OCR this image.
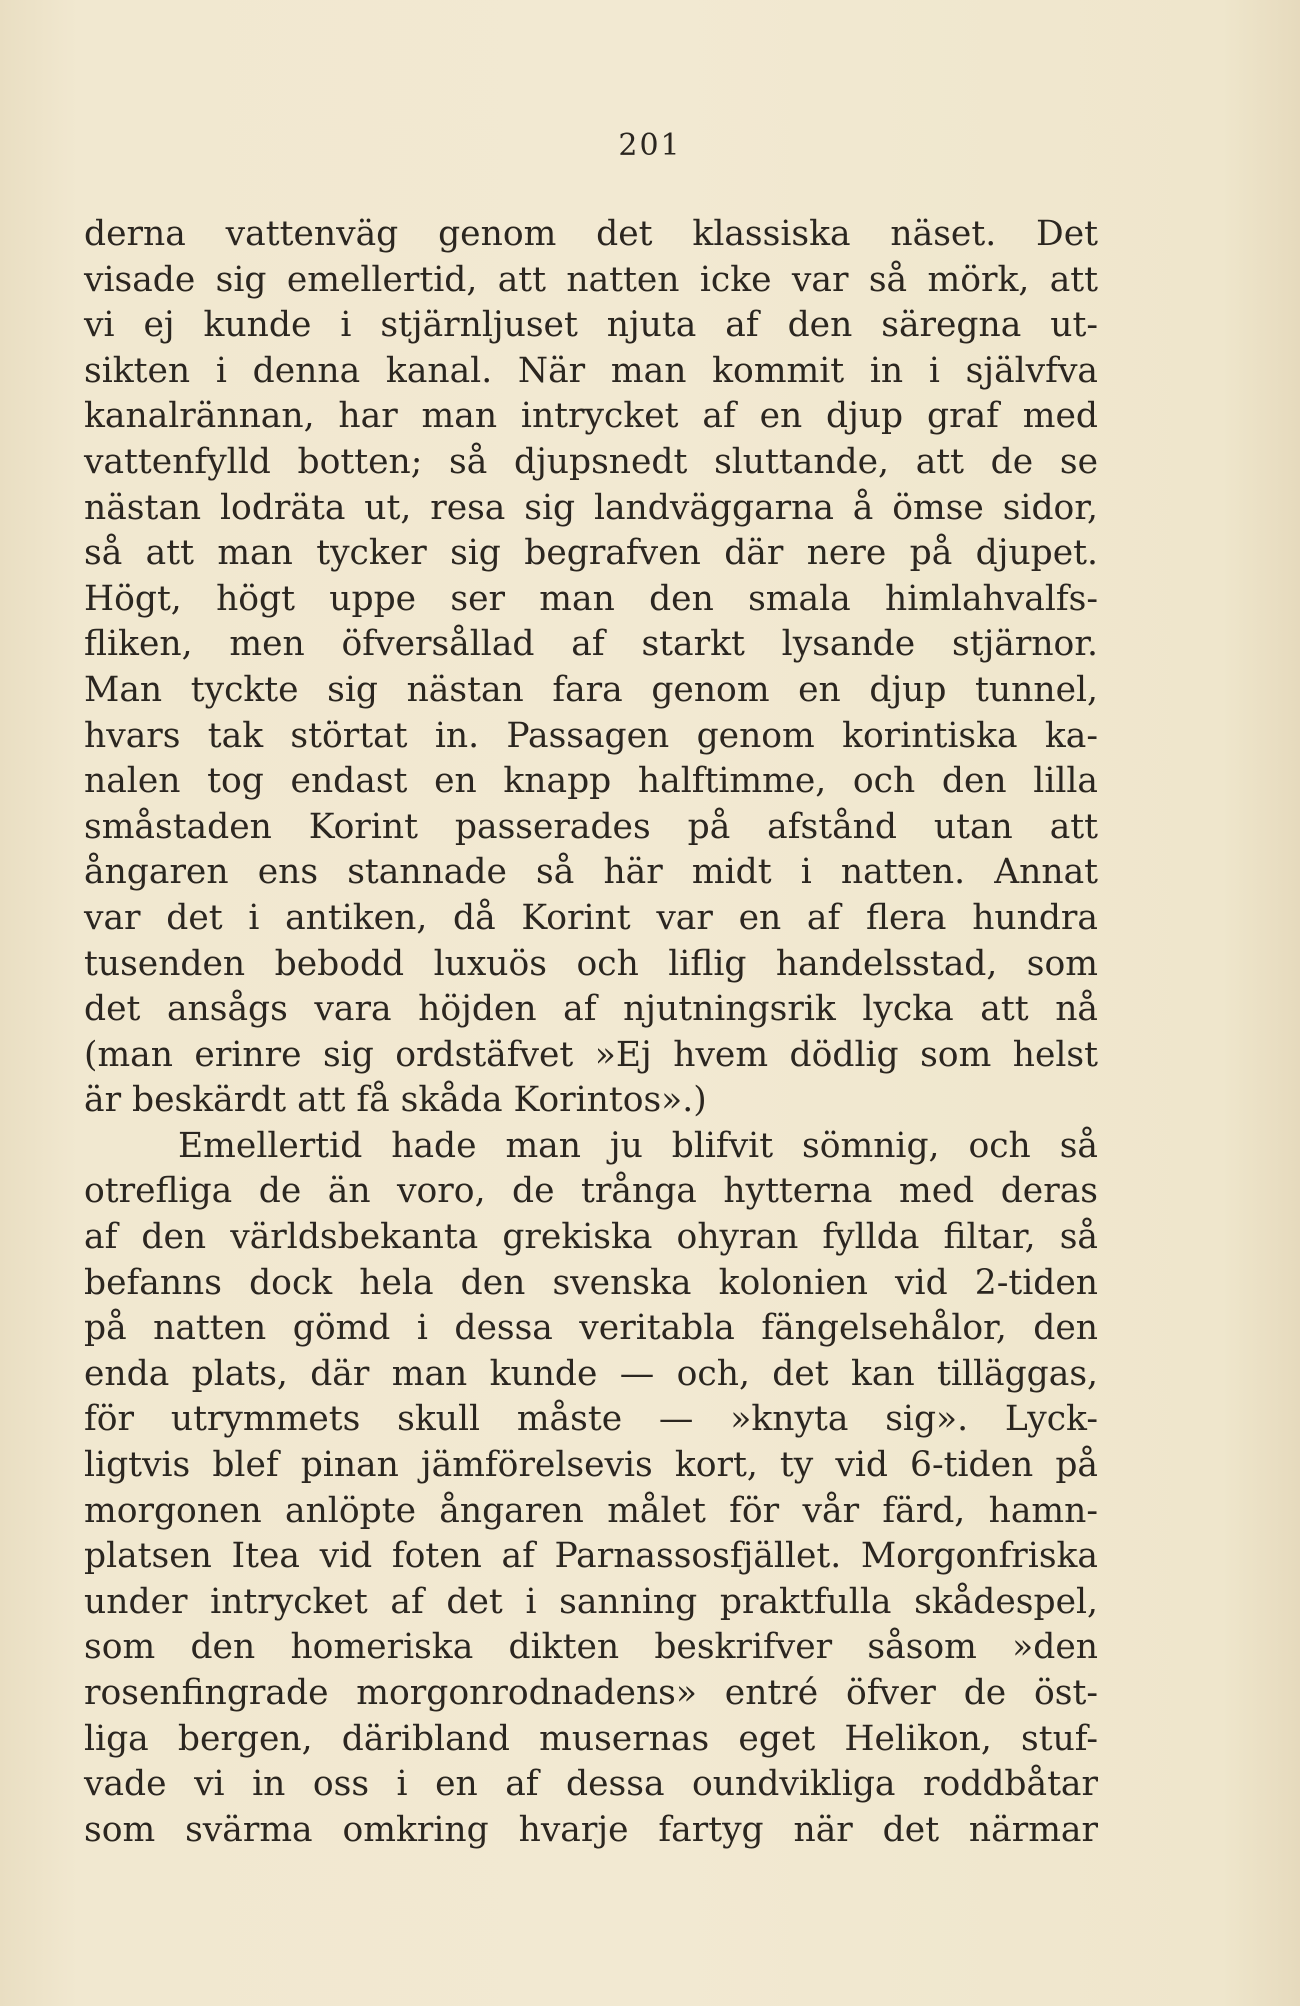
201
derna vattenväg genom det klassiska näset. Det
visade sig emellertid, att natten icke var så mörk, att
vi ej kunde i stjärnljuset njuta af den säregna ut-
sikten i denna kanal. När man kommit in i självfva
kanalrännan, har man intrycket af en djup graf med
vattenfylld botten; så djupsnedt sluttande, att de se
nästan lodräta ut, resa sig landväggarna å ömse sidor,
så att man tycker sig begrafven där nere på djupet.
Högt, högt uppe ser man den smala himlahvalfs-
fliken, men öfversållad af starkt lysande stjärnor.
Man tyckte sig nästan fara genom en djup tunnel,
hvars tak störtat in. Passagen genom korintiska ka-
nalen tog endast en knapp halftimme, och den lilla
småstaden Korint passerades på afstånd utan att
ångaren ens stannade så här midt i natten. Annat
var det i antiken, då Korint var en af flera hundra
tusenden bebodd luxuös och liflig handelsstad, som
det ansågs vara höjden af njutningsrik lycka att nå
(man erinre sig ordstäfvet »Ej hvem dödlig som helst
är beskärdt att få skåda Korintos».)
Emellertid hade man ju blifvit sömnig, och så
otrefliga de än voro, de trånga hytterna med deras
af den världsbekanta grekiska ohyran fyllda filtar, så
befanns dock hela den svenska kolonien vid 2-tiden
på natten gömd i dessa veritabla fängelsehålor, den
enda plats, där man kunde — och, det kan tilläggas,
för utrymmets skull måste — »knyta sig». Lyck-
ligtvis blef pinan jämförelsevis kort, ty vid 6-tiden på
morgonen anlöpte ångaren målet för vår färd, hamn-
platsen Itea vid foten af Parnassosfjället. Morgonfriska
under intrycket af det i sanning praktfulla skådespel,
som den homeriska dikten beskrifver såsom »den
rosenfingrade morgonrodnadens» entré öfver de öst-
liga bergen, däribland musernas eget Helikon, stuf-
vade vi in oss i en af dessa oundvikliga roddbåtar
som svärma omkring hvarje fartyg när det närmar
